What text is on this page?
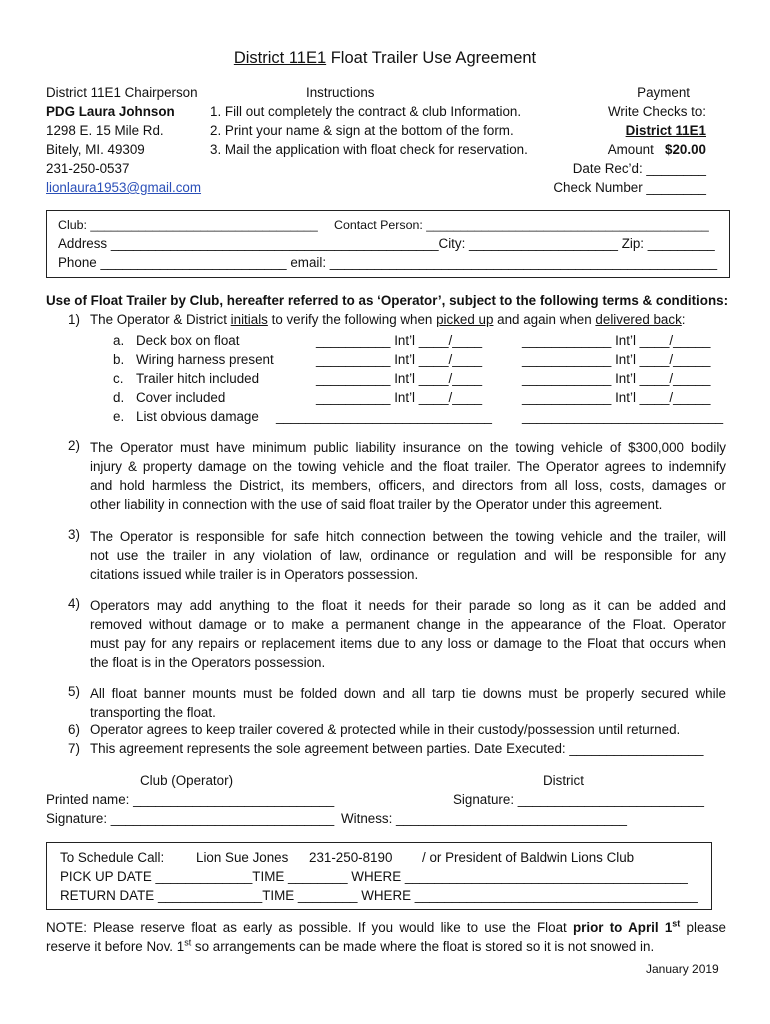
District 11E1 Float Trailer Use Agreement
District 11E1 Chairperson
PDG Laura Johnson
1298 E. 15 Mile Rd.
Bitely, MI. 49309
231-250-0537
lionlaura1953@gmail.com
Instructions
1. Fill out completely the contract & club Information.
2. Print your name & sign at the bottom of the form.
3. Mail the application with float check for reservation.
Payment
Write Checks to:
District 11E1
Amount $20.00
Date Rec’d: ________
Check Number ________
Club: _________________________________ Contact Person: _________________________________________
Address ____________________________________________City: ____________________ Zip: _________
Phone _________________________ email: ____________________________________________________
Use of Float Trailer by Club, hereafter referred to as ‘Operator’, subject to the following terms & conditions:
1) The Operator & District initials to verify the following when picked up and again when delivered back:
a.
b.
c.
d.
e.
Deck box on float
Wiring harness present
Trailer hitch included
Cover included
List obvious damage
__________ Int’l ____/____
__________ Int’l ____/____
__________ Int’l ____/____
__________ Int’l ____/____
_____________________________
____________ Int’l ____/_____
____________ Int’l ____/_____
____________ Int’l ____/_____
____________ Int’l ____/_____
___________________________
2) The Operator must have minimum public liability insurance on the towing vehicle of $300,000 bodily
injury & property damage on the towing vehicle and the float trailer. The Operator agrees to indemnify
and hold harmless the District, its members, officers, and directors from all loss, costs, damages or
other liability in connection with the use of said float trailer by the Operator under this agreement.
3) The Operator is responsible for safe hitch connection between the towing vehicle and the trailer, will
not use the trailer in any violation of law, ordinance or regulation and will be responsible for any
citations issued while trailer is in Operators possession.
4) Operators may add anything to the float it needs for their parade so long as it can be added and
removed without damage or to make a permanent change in the appearance of the Float. Operator
must pay for any repairs or replacement items due to any loss or damage to the Float that occurs when
the float is in the Operators possession.
5) All float banner mounts must be folded down and all tarp tie downs must be properly secured while
transporting the float.
6) Operator agrees to keep trailer covered & protected while in their custody/possession until returned.
7) This agreement represents the sole agreement between parties. Date Executed: __________________
Club (Operator)	District
Printed name: ___________________________	Signature: _________________________
Signature: ______________________________ Witness: _______________________________
To Schedule Call: Lion Sue Jones 231-250-8190 / or President of Baldwin Lions Club
PICK UP DATE _____________TIME ________ WHERE ______________________________________
RETURN DATE ______________TIME ________ WHERE ______________________________________
NOTE: Please reserve float as early as possible. If you would like to use the Float prior to April 1st please
reserve it before Nov. 1st so arrangements can be made where the float is stored so it is not snowed in.
January 2019
